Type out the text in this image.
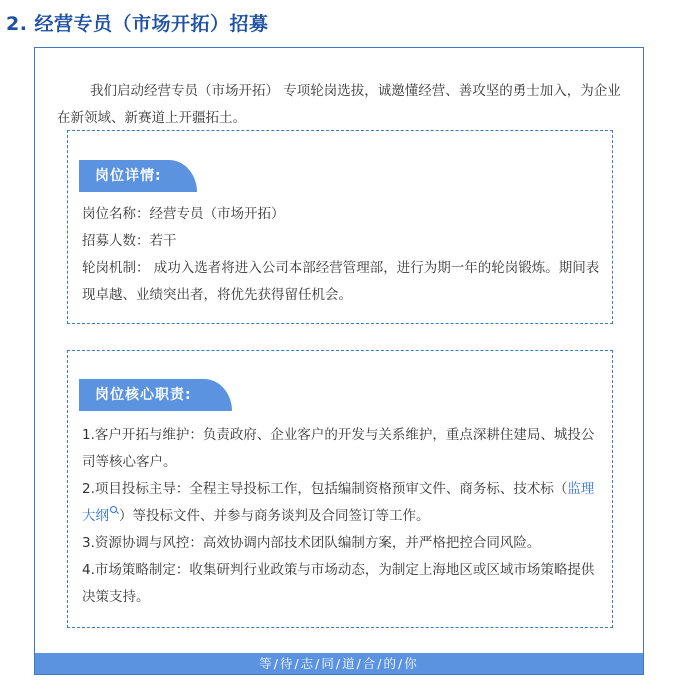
2. 经营专员（市场开拓）招募

我们启动经营专员（市场开拓） 专项轮岗选拔，诚邀懂经营、善攻坚的勇士加入，为企业在新领域、新赛道上开疆拓土。

岗位详情:

岗位名称：经营专员（市场开拓）

招募人数：若干

轮岗机制： 成功入选者将进入公司本部经营管理部，进行为期一年的轮岗锻炼。期间表现卓越、业绩突出者，将优先获得留任机会。

岗位核心职责:

1.客户开拓与维护：负责政府、企业客户的开发与关系维护，重点深耕住建局、城投公司等核心客户。

2.项目投标主导：全程主导投标工作，包括编制资格预审文件、商务标、技术标（监理大纲 ）等投标文件、并参与商务谈判及合同签订等工作。

3.资源协调与风控：高效协调内部技术团队编制方案，并严格把控合同风险。

4.市场策略制定：收集研判行业政策与市场动态，为制定上海地区或区域市场策略提供决策支持。

等/待/志/同/道/合/的/你
